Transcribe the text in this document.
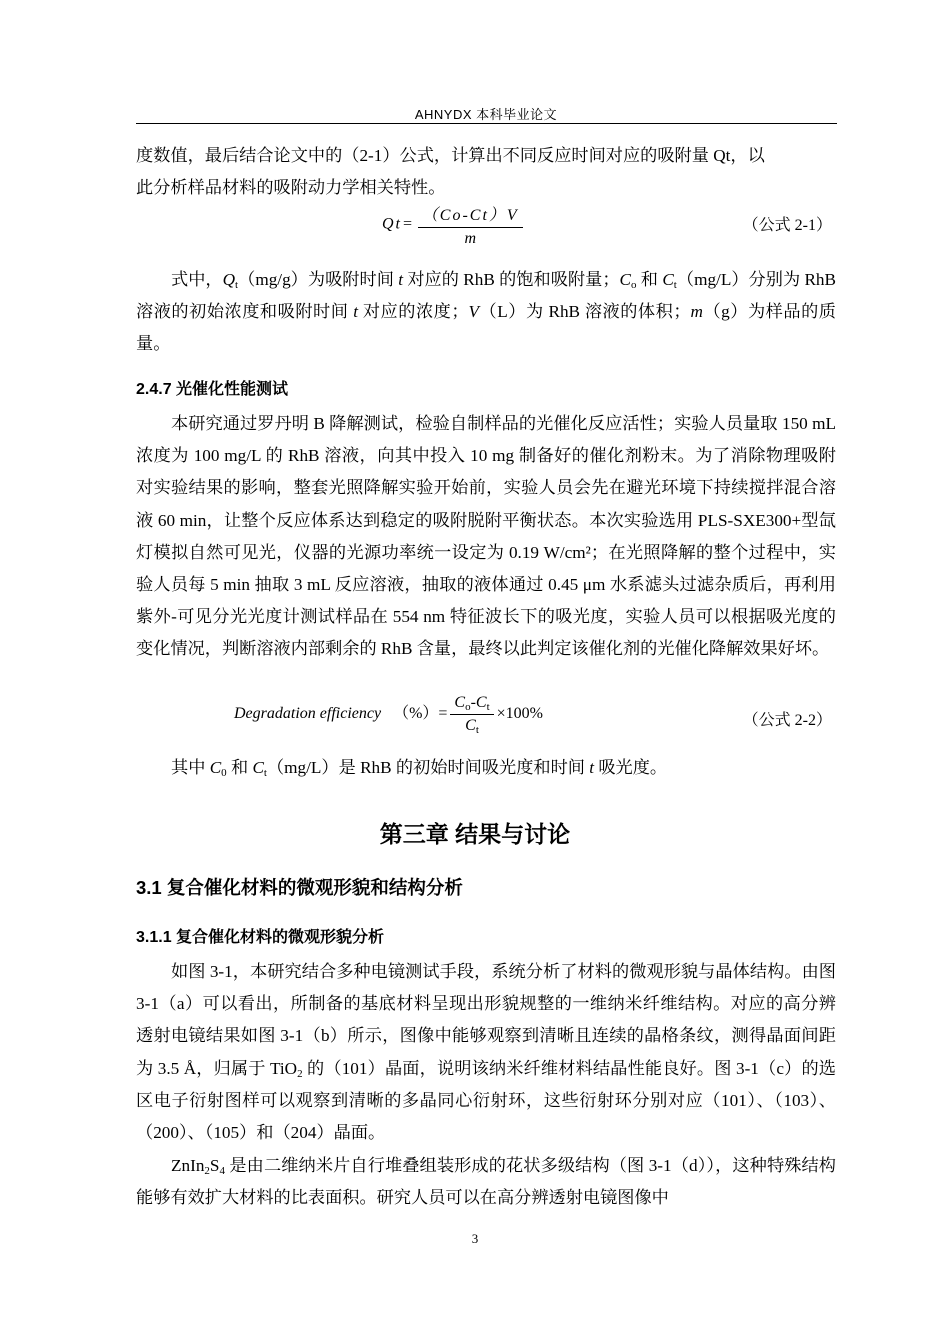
AHNYDX 本科毕业论文

度数值，最后结合论文中的（2-1）公式，计算出不同反应时间对应的吸附量 Qt，以
此分析样品材料的吸附动力学相关特性。

$Qt= \frac{(Co-Ct)V}{m}$	（公式 2-1）

式中，$Q_t(mg/g)$为吸附时间 t 对应的 RhB 的饱和吸附量；$C_o$ 和 $C_t(mg/L)$分别为 RhB 溶液的初始浓度和吸附时间 t 对应的浓度；V（L）为 RhB 溶液的体积；m（g）为样品的质量。

2.4.7 光催化性能测试

本研究通过罗丹明 B 降解测试，检验自制样品的光催化反应活性；实验人员量取 150 mL 浓度为 100 mg/L 的 RhB 溶液，向其中投入 10 mg 制备好的催化剂粉末。为了消除物理吸附对实验结果的影响，整套光照降解实验开始前，实验人员会先在避光环境下持续搅拌混合溶液 60 min，让整个反应体系达到稳定的吸附脱附平衡状态。本次实验选用 PLS-SXE300+型氙灯模拟自然可见光，仪器的光源功率统一设定为 0.19 W/cm²；在光照降解的整个过程中，实验人员每 5 min 抽取 3 mL 反应溶液，抽取的液体通过 0.45 μm 水系滤头过滤杂质后，再利用紫外-可见分光光度计测试样品在 554 nm 特征波长下的吸光度，实验人员可以根据吸光度的变化情况，判断溶液内部剩余的 RhB 含量，最终以此判定该催化剂的光催化降解效果好坏。

Degradation efficiency （%）= $\frac{C_o-C_t}{C_t} \times 100\%$	（公式 2-2）

其中 $C_0$ 和 $C_t(mg/L)$是 RhB 的初始时间吸光度和时间 t 吸光度。

第三章 结果与讨论
3.1 复合催化材料的微观形貌和结构分析
3.1.1 复合催化材料的微观形貌分析

如图 3-1，本研究结合多种电镜测试手段，系统分析了材料的微观形貌与晶体结构。由图 3-1（a）可以看出，所制备的基底材料呈现出形貌规整的一维纳米纤维结构。对应的高分辨透射电镜结果如图 3-1（b）所示，图像中能够观察到清晰且连续的晶格条纹，测得晶面间距为 3.5 Å，归属于 TiO$_2$ 的（101）晶面，说明该纳米纤维材料结晶性能良好。图 3-1（c）的选区电子衍射图样可以观察到清晰的多晶同心衍射环，这些衍射环分别对应（101）、（103）、（200）、（105）和（204）晶面。

$ZnIn_2S_4$ 是由二维纳米片自行堆叠组装形成的花状多级结构（图 3-1（d）），这种特殊结构能够有效扩大材料的比表面积。研究人员可以在高分辨透射电镜图像中

3
